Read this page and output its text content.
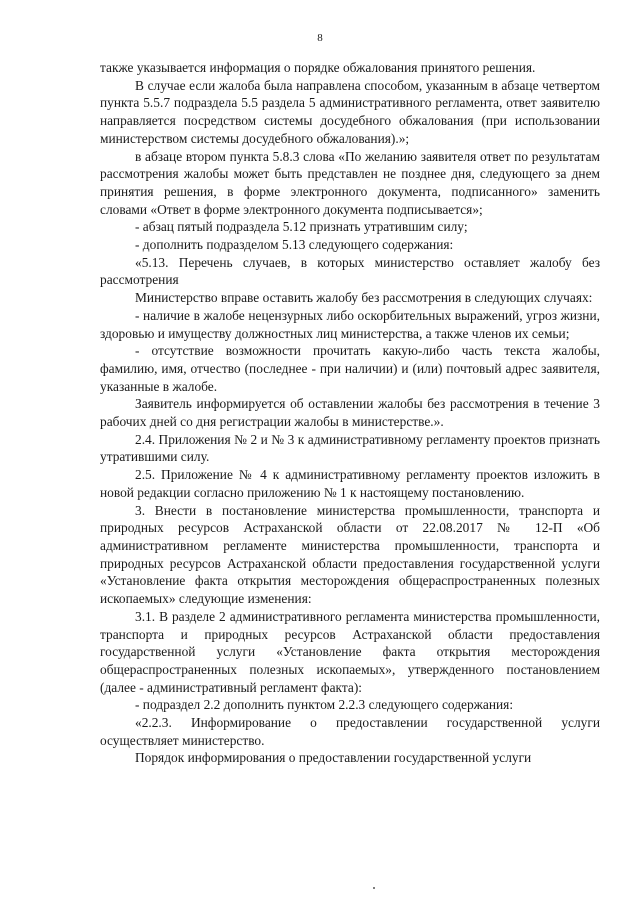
8

также указывается информация о порядке обжалования принятого решения.

В случае если жалоба была направлена способом, указанным в абзаце четвертом пункта 5.5.7 подраздела 5.5 раздела 5 административного регламента, ответ заявителю направляется посредством системы досудебного обжалования (при использовании министерством системы досудебного обжалования).»;

в абзаце втором пункта 5.8.3 слова «По желанию заявителя ответ по результатам рассмотрения жалобы может быть представлен не позднее дня, следующего за днем принятия решения, в форме электронного документа, подписанного» заменить словами «Ответ в форме электронного документа подписывается»;

- абзац пятый подраздела 5.12 признать утратившим силу;

- дополнить подразделом 5.13 следующего содержания:

«5.13. Перечень случаев, в которых министерство оставляет жалобу без рассмотрения

Министерство вправе оставить жалобу без рассмотрения в следующих случаях:

- наличие в жалобе нецензурных либо оскорбительных выражений, угроз жизни, здоровью и имуществу должностных лиц министерства, а также членов их семьи;

- отсутствие возможности прочитать какую-либо часть текста жалобы, фамилию, имя, отчество (последнее - при наличии) и (или) почтовый адрес заявителя, указанные в жалобе.

Заявитель информируется об оставлении жалобы без рассмотрения в течение 3 рабочих дней со дня регистрации жалобы в министерстве.».

2.4. Приложения № 2 и № 3 к административному регламенту проектов признать утратившими силу.

2.5. Приложение № 4 к административному регламенту проектов изложить в новой редакции согласно приложению № 1 к настоящему постановлению.

3. Внести в постановление министерства промышленности, транспорта и природных ресурсов Астраханской области от 22.08.2017 № 12-П «Об административном регламенте министерства промышленности, транспорта и природных ресурсов Астраханской области предоставления государственной услуги «Установление факта открытия месторождения общераспространенных полезных ископаемых» следующие изменения:

3.1. В разделе 2 административного регламента министерства промышленности, транспорта и природных ресурсов Астраханской области предоставления государственной услуги «Установление факта открытия месторождения общераспространенных полезных ископаемых», утвержденного постановлением (далее - административный регламент факта):

- подраздел 2.2 дополнить пунктом 2.2.3 следующего содержания:

«2.2.3. Информирование о предоставлении государственной услуги осуществляет министерство.

Порядок информирования о предоставлении государственной услуги
